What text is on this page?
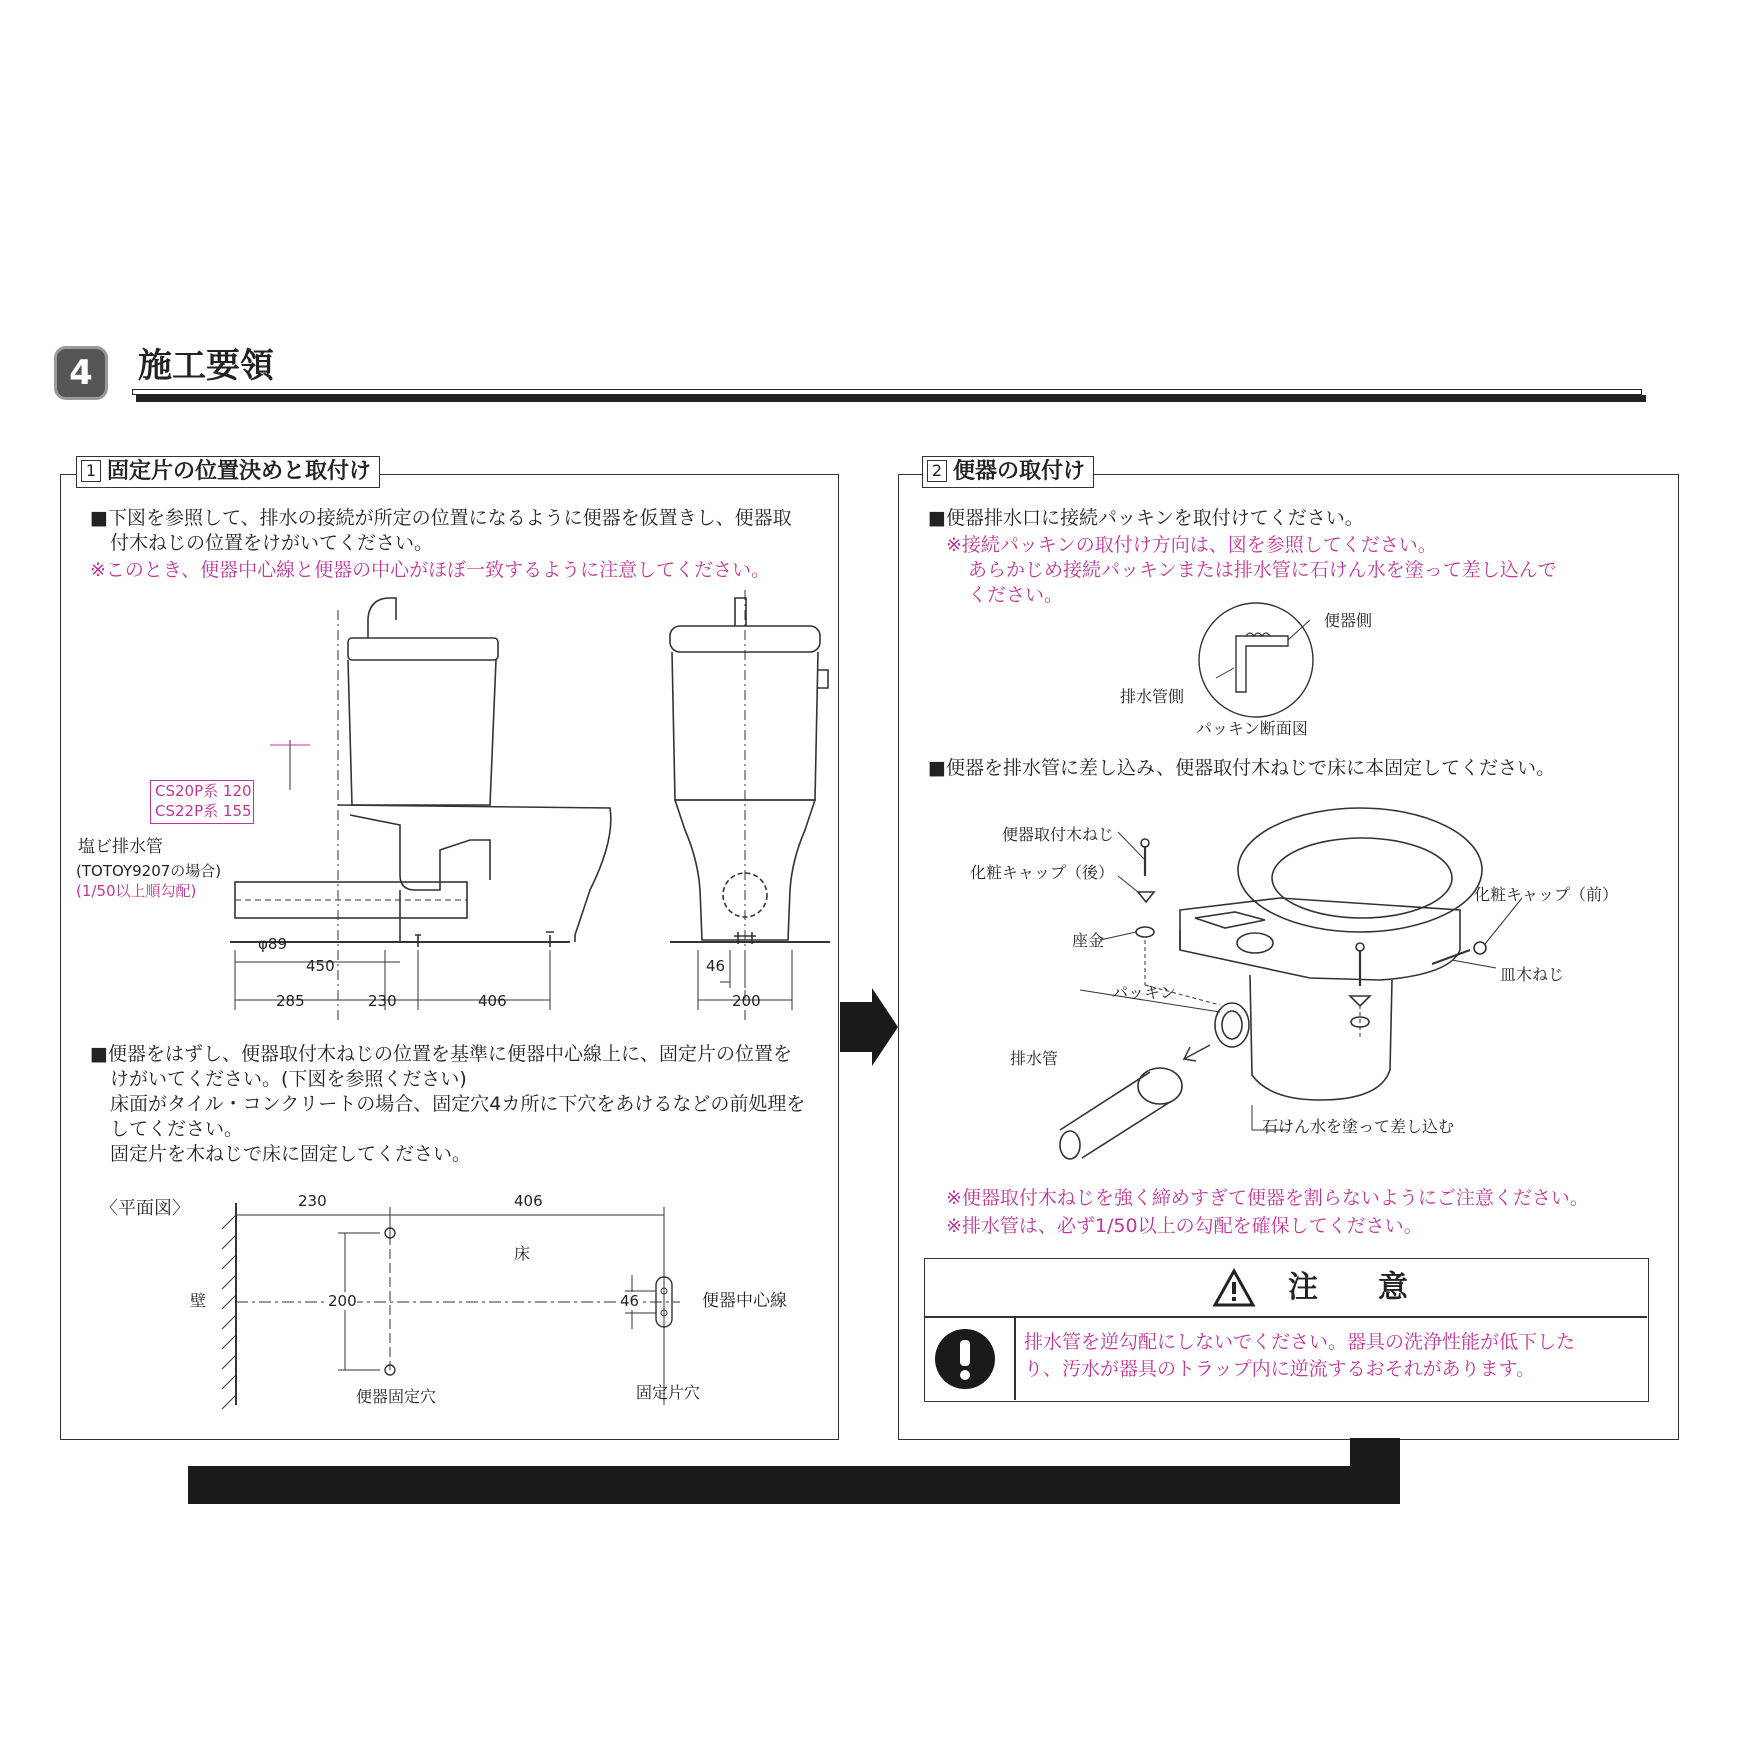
4	施工要領
1 固定片の位置決めと取付け
■下図を参照して、排水の接続が所定の位置になるように便器を仮置きし、便器取
付木ねじの位置をけがいてください。
※このとき、便器中心線と便器の中心がほぼ一致するように注意してください。
CS20P系 120
CS22P系 155
塩ビ排水管
(TOTOY9207の場合)
(1/50以上順勾配)
φ89
450
285	230	406
46
200
■便器をはずし、便器取付木ねじの位置を基準に便器中心線上に、固定片の位置を
けがいてください。(下図を参照ください)
床面がタイル・コンクリートの場合、固定穴4カ所に下穴をあけるなどの前処理を
してください。
固定片を木ねじで床に固定してください。
〈平面図〉	230	406
床
壁	200	46	便器中心線
便器固定穴	固定片穴
2 便器の取付け
■便器排水口に接続パッキンを取付けてください。
※接続パッキンの取付け方向は、図を参照してください。
あらかじめ接続パッキンまたは排水管に石けん水を塗って差し込んで
ください。
便器側
排水管側
パッキン断面図
■便器を排水管に差し込み、便器取付木ねじで床に本固定してください。
便器取付木ねじ
化粧キャップ（後）
座金
パッキン
排水管
化粧キャップ（前）
皿木ねじ
石けん水を塗って差し込む
※便器取付木ねじを強く締めすぎて便器を割らないようにご注意ください。
※排水管は、必ず1/50以上の勾配を確保してください。
注　　意
排水管を逆勾配にしないでください。器具の洗浄性能が低下した
り、汚水が器具のトラップ内に逆流するおそれがあります。
